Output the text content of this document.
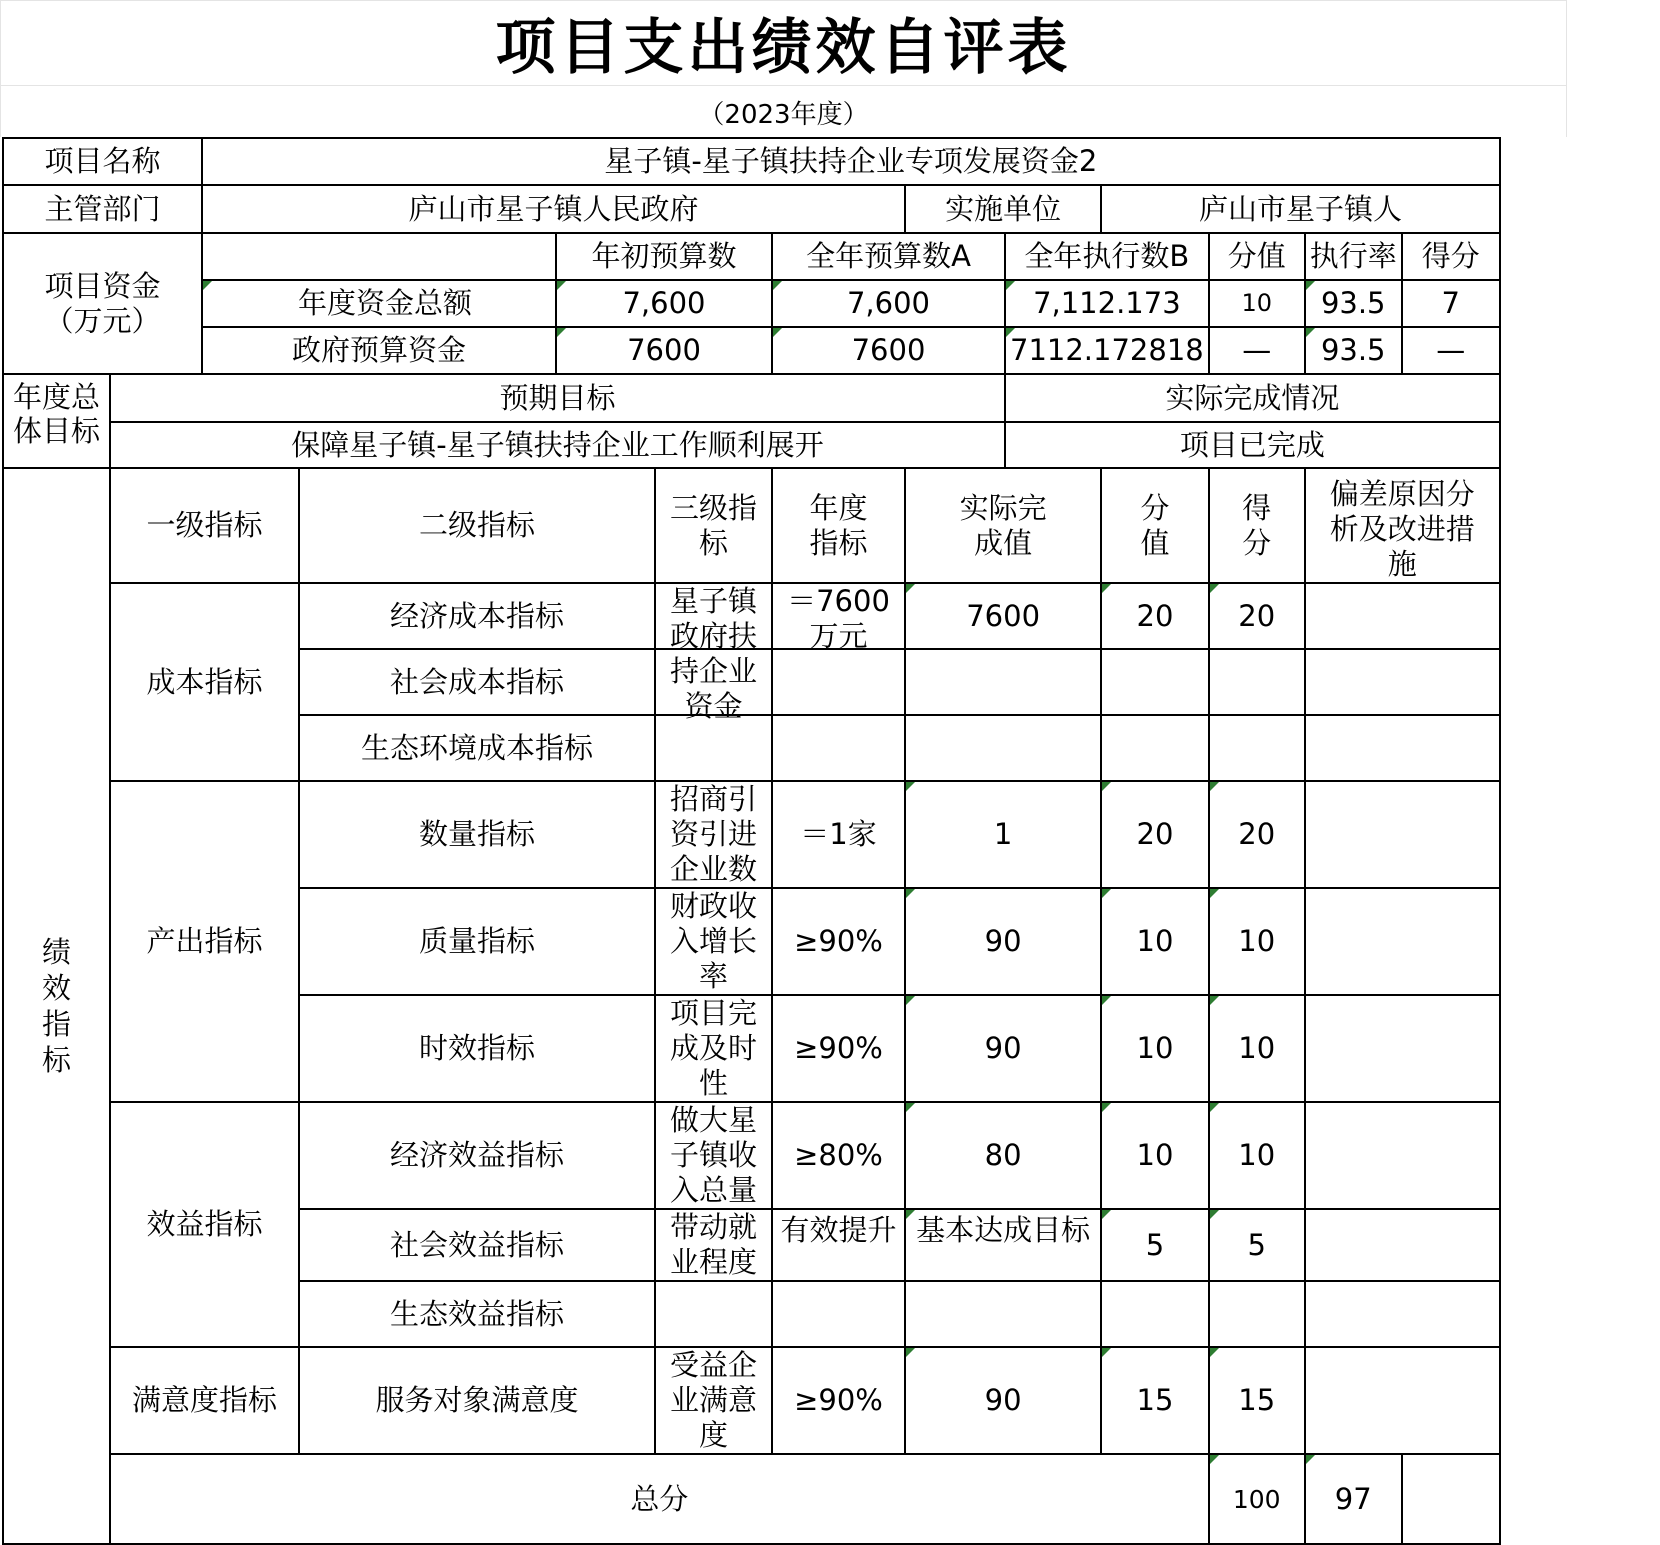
项目支出绩效自评表
（2023年度）
项目名称		星子镇-星子镇扶持企业专项发展资金2										
主管部门		庐山市星子镇人民政府					实施单位		庐山市星子镇人			

项目资金
（万元）				年初预算数		全年预算数A		全年执行数B		分值	执行率	得分
		年度资金总额		7,600		7,600		7,112.173		10	93.5	7
		政府预算资金		7600		7600		7112.172818		—	93.5	—

年度总体目标	预期目标							实际完成情况				
	保障星子镇-星子镇扶持企业工作顺利展开							项目已完成				
绩效指标	一级指标		二级指标		三级指标	年度指标	实际完成值		分值	得分	偏差原因分析及改进措施	
	成本指标		经济成本指标		星子镇政府扶持企业资金	＝7600万元	7600		20	20		
			社会成本指标									
			生态环境成本指标									
	产出指标		数量指标		招商引资引进企业数	＝1家	1		20	20		
			质量指标		财政收入增长率	≥90%	90		10	10		
			时效指标		项目完成及时性	≥90%	90		10	10		
	效益指标		经济效益指标		做大星子镇收入总量	≥80%	80		10	10		
			社会效益指标		带动就业程度	有效提升	基本达成目标		5	5		
			生态效益指标									
	满意度指标		服务对象满意度		受益企业满意度	≥90%	90		15	15		
	总分									100	97	
